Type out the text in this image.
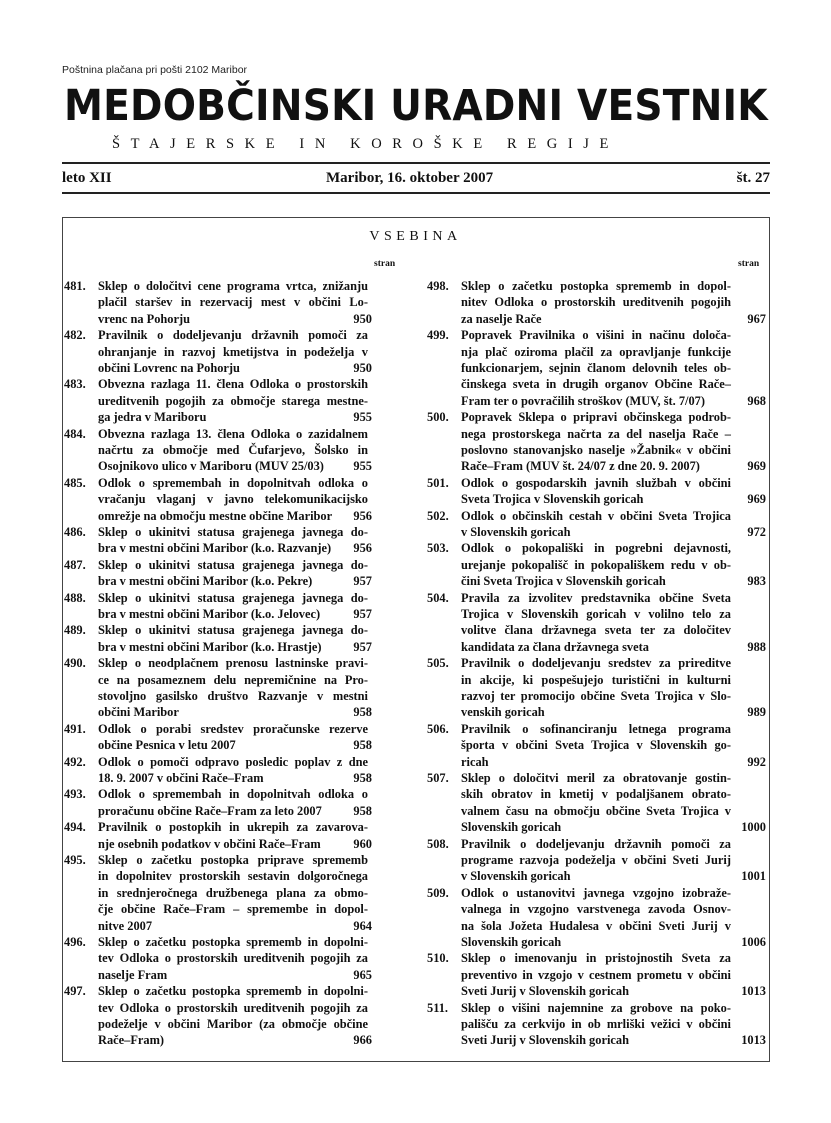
Poštnina plačana pri pošti 2102 Maribor
MEDOBČINSKI URADNI VESTNIK
ŠTAJERSKE IN KOROŠKE REGIJE
leto XII	Maribor, 16. oktober 2007	št. 27
VSEBINA
stran	stran
481. Sklep o določitvi cene programa vrtca, znižanju
plačil staršev in rezervacij mest v občini Lo-
vrenc na Pohorju	950
482. Pravilnik o dodeljevanju državnih pomoči za
ohranjanje in razvoj kmetijstva in podeželja v
občini Lovrenc na Pohorju	950
483. Obvezna razlaga 11. člena Odloka o prostorskih
ureditvenih pogojih za območje starega mestne-
ga jedra v Mariboru	955
484. Obvezna razlaga 13. člena Odloka o zazidalnem
načrtu za območje med Čufarjevo, Šolsko in
Osojnikovo ulico v Mariboru (MUV 25/03)	955
485. Odlok o spremembah in dopolnitvah odloka o
vračanju vlaganj v javno telekomunikacijsko
omrežje na območju mestne občine Maribor	956
486. Sklep o ukinitvi statusa grajenega javnega do-
bra v mestni občini Maribor (k.o. Razvanje)	956
487. Sklep o ukinitvi statusa grajenega javnega do-
bra v mestni občini Maribor (k.o. Pekre)	957
488. Sklep o ukinitvi statusa grajenega javnega do-
bra v mestni občini Maribor (k.o. Jelovec)	957
489. Sklep o ukinitvi statusa grajenega javnega do-
bra v mestni občini Maribor (k.o. Hrastje)	957
490. Sklep o neodplačnem prenosu lastninske pravi-
ce na posameznem delu nepremičnine na Pro-
stovoljno gasilsko društvo Razvanje v mestni
občini Maribor	958
491. Odlok o porabi sredstev proračunske rezerve
občine Pesnica v letu 2007	958
492. Odlok o pomoči odpravo posledic poplav z dne
18. 9. 2007 v občini Rače–Fram	958
493. Odlok o spremembah in dopolnitvah odloka o
proračunu občine Rače–Fram za leto 2007	958
494. Pravilnik o postopkih in ukrepih za zavarova-
nje osebnih podatkov v občini Rače–Fram	960
495. Sklep o začetku postopka priprave sprememb
in dopolnitev prostorskih sestavin dolgoročnega
in srednjeročnega družbenega plana za obmo-
čje občine Rače–Fram – spremembe in dopol-
nitve 2007	964
496. Sklep o začetku postopka sprememb in dopolni-
tev Odloka o prostorskih ureditvenih pogojih za
naselje Fram	965
497. Sklep o začetku postopka sprememb in dopolni-
tev Odloka o prostorskih ureditvenih pogojih za
podeželje v občini Maribor (za območje občine
Rače–Fram)	966
498. Sklep o začetku postopka sprememb in dopol-
nitev Odloka o prostorskih ureditvenih pogojih
za naselje Rače	967
499. Popravek Pravilnika o višini in načinu določa-
nja plač oziroma plačil za opravljanje funkcije
funkcionarjem, sejnin članom delovnih teles ob-
činskega sveta in drugih organov Občine Rače–
Fram ter o povračilih stroškov (MUV, št. 7/07)	968
500. Popravek Sklepa o pripravi občinskega podrob-
nega prostorskega načrta za del naselja Rače –
poslovno stanovanjsko naselje »Žabnik« v občini
Rače–Fram (MUV št. 24/07 z dne 20. 9. 2007)	969
501. Odlok o gospodarskih javnih službah v občini
Sveta Trojica v Slovenskih goricah	969
502. Odlok o občinskih cestah v občini Sveta Trojica
v Slovenskih goricah	972
503. Odlok o pokopališki in pogrebni dejavnosti,
urejanje pokopališč in pokopališkem redu v ob-
čini Sveta Trojica v Slovenskih goricah	983
504. Pravila za izvolitev predstavnika občine Sveta
Trojica v Slovenskih goricah v volilno telo za
volitve člana državnega sveta ter za določitev
kandidata za člana državnega sveta	988
505. Pravilnik o dodeljevanju sredstev za prireditve
in akcije, ki pospešujejo turistični in kulturni
razvoj ter promocijo občine Sveta Trojica v Slo-
venskih goricah	989
506. Pravilnik o sofinanciranju letnega programa
športa v občini Sveta Trojica v Slovenskih go-
ricah	992
507. Sklep o določitvi meril za obratovanje gostin-
skih obratov in kmetij v podaljšanem obrato-
valnem času na območju občine Sveta Trojica v
Slovenskih goricah	1000
508. Pravilnik o dodeljevanju državnih pomoči za
programe razvoja podeželja v občini Sveti Jurij
v Slovenskih goricah	1001
509. Odlok o ustanovitvi javnega vzgojno izobraže-
valnega in vzgojno varstvenega zavoda Osnov-
na šola Jožeta Hudalesa v občini Sveti Jurij v
Slovenskih goricah	1006
510. Sklep o imenovanju in pristojnostih Sveta za
preventivo in vzgojo v cestnem prometu v občini
Sveti Jurij v Slovenskih goricah	1013
511. Sklep o višini najemnine za grobove na poko-
pališču za cerkvijo in ob mrliški vežici v občini
Sveti Jurij v Slovenskih goricah	1013
